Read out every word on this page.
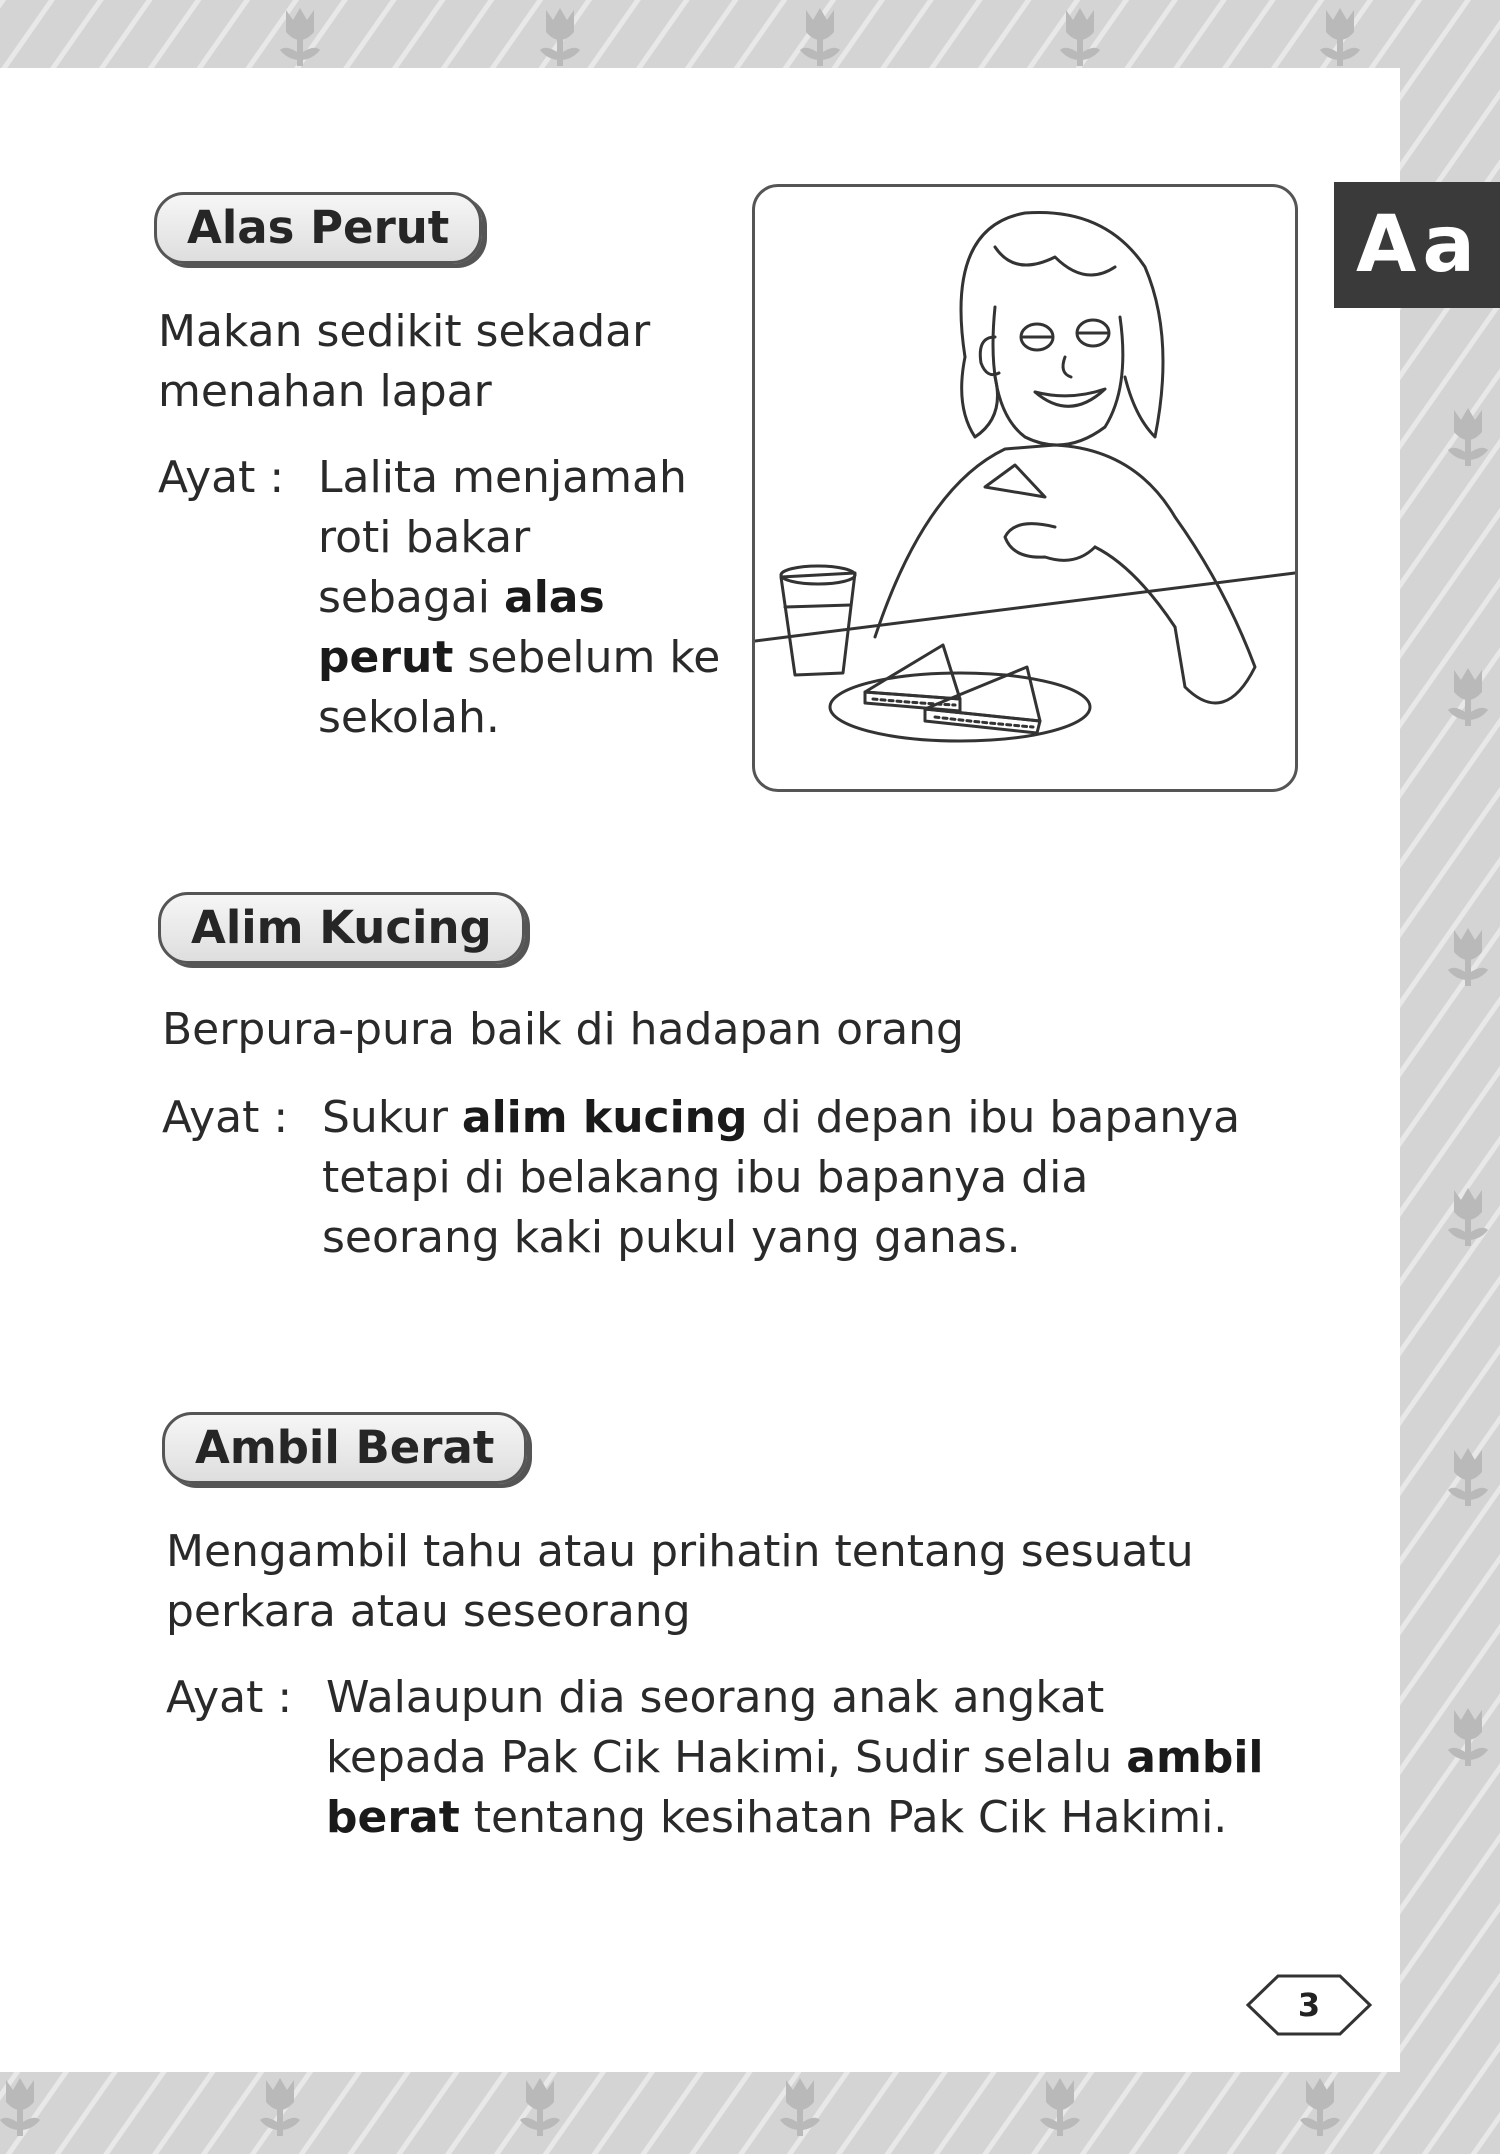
Aa
Alas Perut
Makan sedikit sekadar
menahan lapar
Ayat : Lalita menjamah
roti bakar
sebagai alas
perut sebelum ke
sekolah.
Alim Kucing
Berpura-pura baik di hadapan orang
Ayat : Sukur alim kucing di depan ibu bapanya
tetapi di belakang ibu bapanya dia
seorang kaki pukul yang ganas.
Ambil Berat
Mengambil tahu atau prihatin tentang sesuatu
perkara atau seseorang
Ayat : Walaupun dia seorang anak angkat
kepada Pak Cik Hakimi, Sudir selalu ambil
berat tentang kesihatan Pak Cik Hakimi.
3
